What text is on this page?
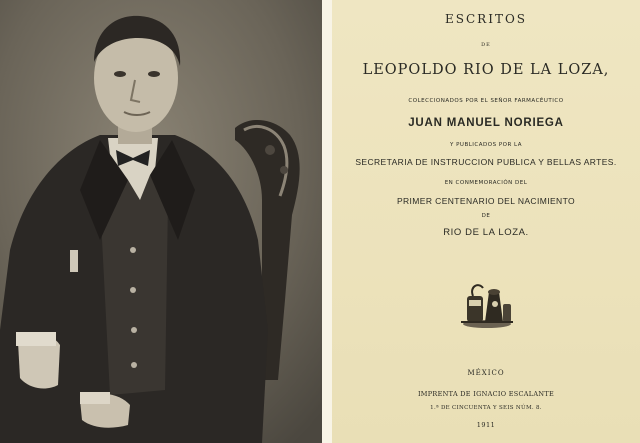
ESCRITOS
DE
LEOPOLDO RIO DE LA LOZA,
COLECCIONADOS POR EL SEÑOR FARMACÉUTICO
JUAN MANUEL NORIEGA
Y PUBLICADOS POR LA
SECRETARIA DE INSTRUCCION PUBLICA Y BELLAS ARTES.
EN CONMEMORACIÓN DEL
PRIMER CENTENARIO DEL NACIMIENTO
DE
RIO DE LA LOZA.
MÉXICO
IMPRENTA DE IGNACIO ESCALANTE
1.ª DE CINCUENTA Y SEIS NÚM. 8.
1911
